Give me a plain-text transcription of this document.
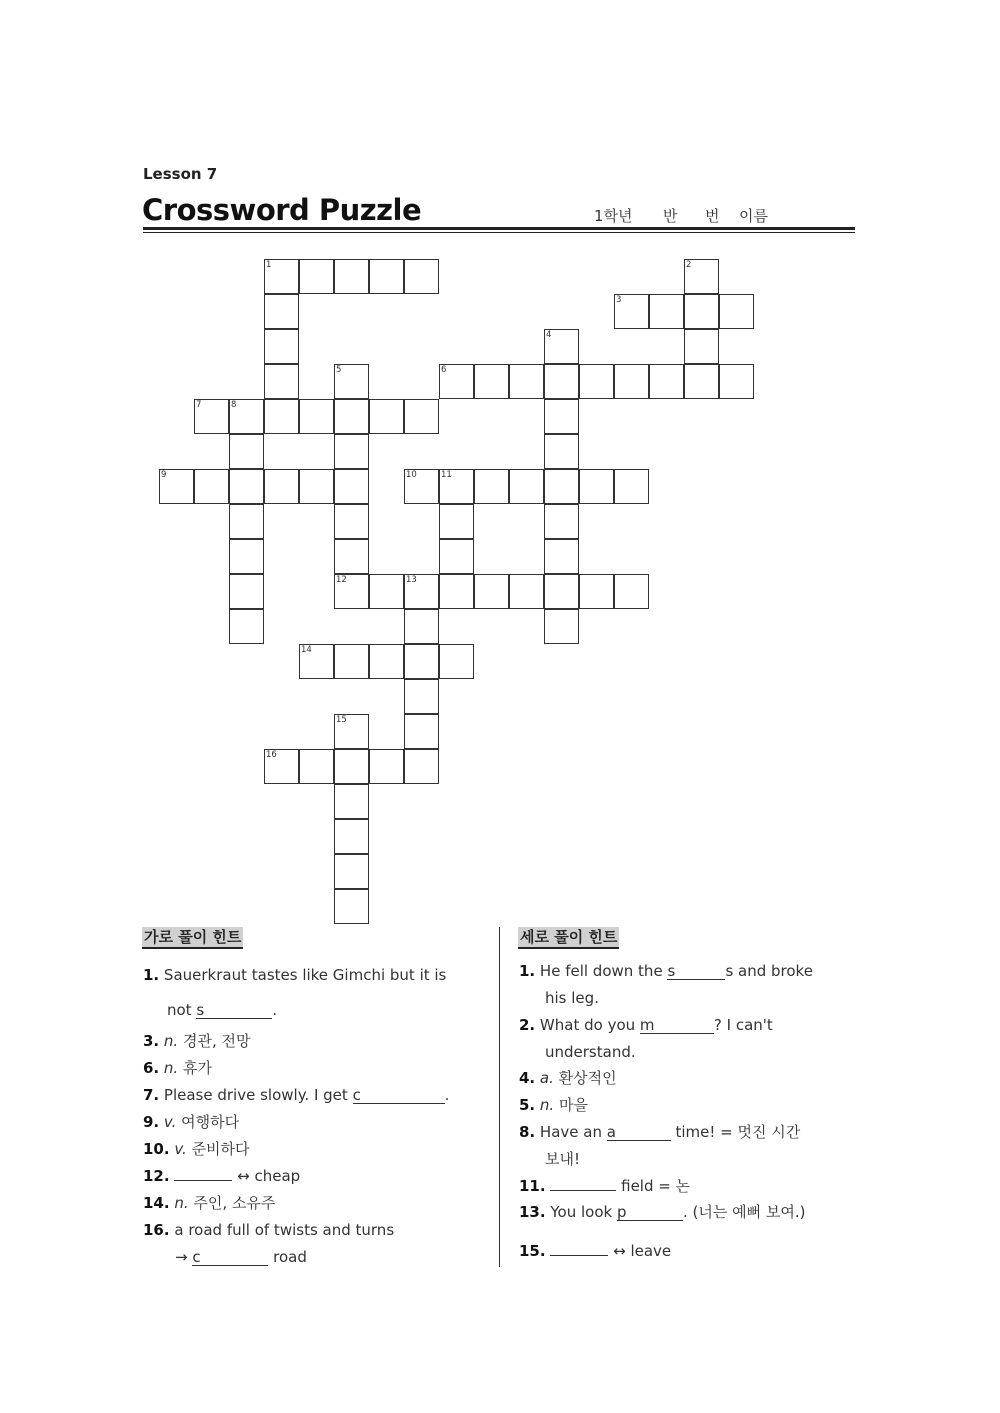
Lesson 7
Crossword Puzzle	1학년 반 번 이름
1	2
3
4
5	6
7	8
9	10	11
12	13
14
15
16
가로 풀이 힌트
1. Sauerkraut tastes like Gimchi but it is
not s	.
3. n. 경관, 전망
6. n. 휴가
7. Please drive slowly. I get c	.
9. v. 여행하다
10. v. 준비하다
12.	↔ cheap
14. n. 주인, 소유주
16. a road full of twists and turns
→ c	road
세로 풀이 힌트
1. He fell down the s	s and broke
his leg.
2. What do you m	? I can't
understand.
4. a. 환상적인
5. n. 마을
8. Have an a	time! = 멋진 시간
보내!
11.	field = 논
13. You look p	. (너는 예뻐 보여.)
15.	↔ leave
